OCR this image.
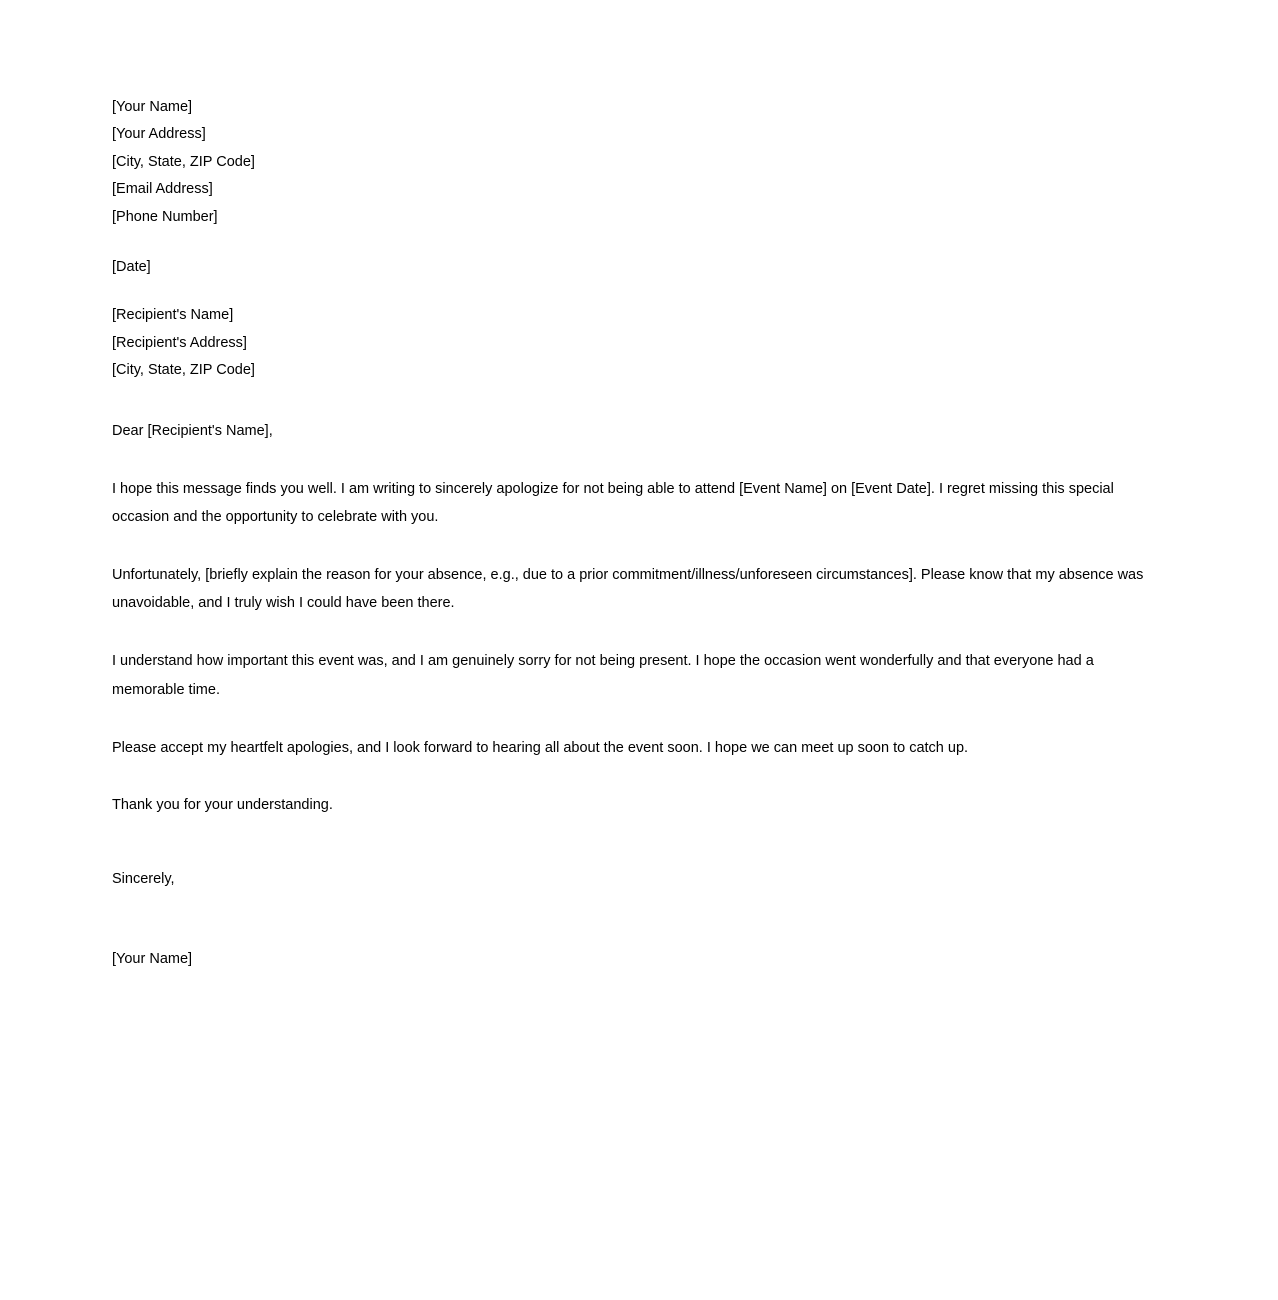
[Your Name]
[Your Address]
[City, State, ZIP Code]
[Email Address]
[Phone Number]
[Date]
[Recipient's Name]
[Recipient's Address]
[City, State, ZIP Code]
Dear [Recipient's Name],
I hope this message finds you well. I am writing to sincerely apologize for not being able to attend [Event Name] on [Event Date]. I regret missing this special occasion and the opportunity to celebrate with you.
Unfortunately, [briefly explain the reason for your absence, e.g., due to a prior commitment/illness/unforeseen circumstances]. Please know that my absence was unavoidable, and I truly wish I could have been there.
I understand how important this event was, and I am genuinely sorry for not being present. I hope the occasion went wonderfully and that everyone had a memorable time.
Please accept my heartfelt apologies, and I look forward to hearing all about the event soon. I hope we can meet up soon to catch up.
Thank you for your understanding.
Sincerely,
[Your Name]
